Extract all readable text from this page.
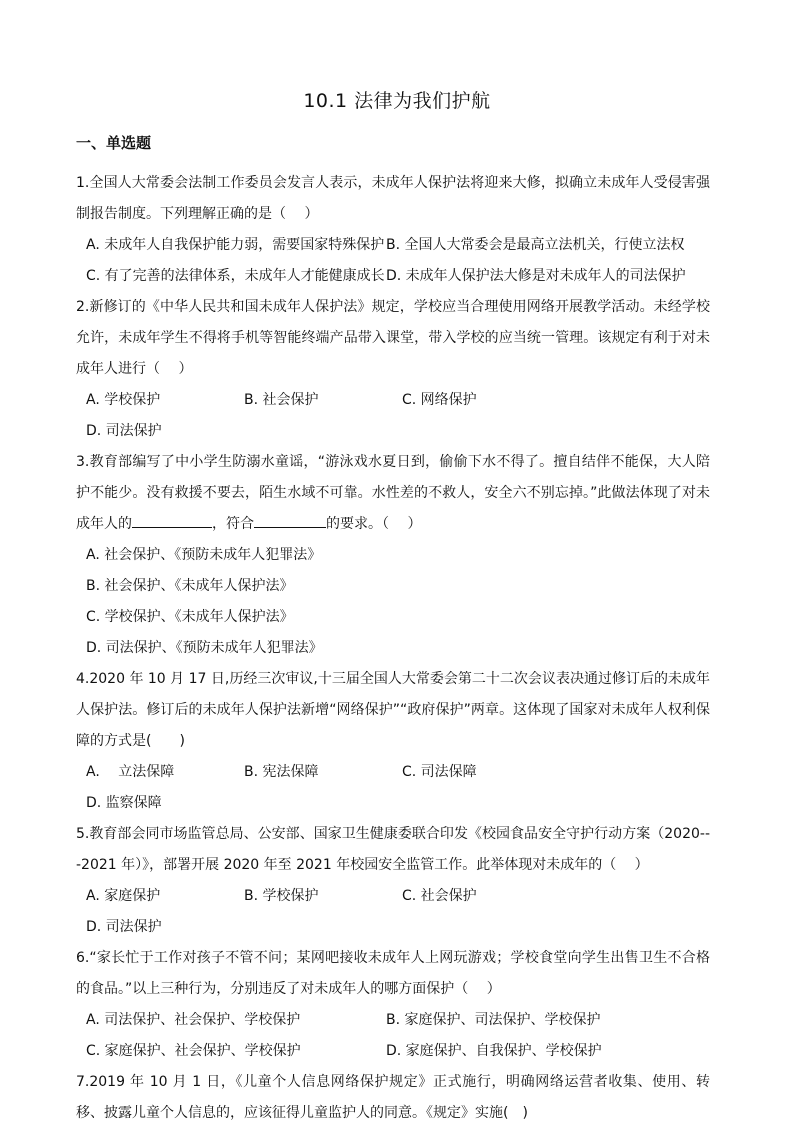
10.1 法律为我们护航
一、单选题
1.全国人大常委会法制工作委员会发言人表示，未成年人保护法将迎来大修，拟确立未成年人受侵害强制报告制度。下列理解正确的是（　 ）
A. 未成年人自我保护能力弱，需要国家特殊保护 B. 全国人大常委会是最高立法机关，行使立法权
C. 有了完善的法律体系，未成年人才能健康成长 D. 未成年人保护法大修是对未成年人的司法保护
2.新修订的《中华人民共和国未成年人保护法》规定，学校应当合理使用网络开展教学活动。未经学校允许，未成年学生不得将手机等智能终端产品带入课堂，带入学校的应当统一管理。该规定有利于对未成年人进行（　 ）
A. 学校保护	B. 社会保护	C. 网络保护
D. 司法保护
3.教育部编写了中小学生防溺水童谣，“游泳戏水夏日到，偷偷下水不得了。擅自结伴不能保，大人陪护不能少。没有救援不要去，陌生水域不可靠。水性差的不救人，安全六不别忘掉。”此做法体现了对未成年人的	，符合	的要求。（　 ）
A. 社会保护、《预防未成年人犯罪法》
B. 社会保护、《未成年人保护法》
C. 学校保护、《未成年人保护法》
D. 司法保护、《预防未成年人犯罪法》
4.2020 年 10 月 17 日,历经三次审议,十三届全国人大常委会第二十二次会议表决通过修订后的未成年人保护法。修订后的未成年人保护法新增“网络保护”“政府保护”两章。这体现了国家对未成年人权利保障的方式是(　　)
A.　 立法保障	B. 宪法保障	C. 司法保障
D. 监察保障
5.教育部会同市场监管总局、公安部、国家卫生健康委联合印发《校园食品安全守护行动方案（2020---2021 年）》，部署开展 2020 年至 2021 年校园安全监管工作。此举体现对未成年的（　 ）
A. 家庭保护	B. 学校保护	C. 社会保护
D. 司法保护
6.“家长忙于工作对孩子不管不问；某网吧接收未成年人上网玩游戏；学校食堂向学生出售卫生不合格的食品。”以上三种行为，分别违反了对未成年人的哪方面保护（　 ）
A. 司法保护、社会保护、学校保护	B. 家庭保护、司法保护、学校保护
C. 家庭保护、社会保护、学校保护	D. 家庭保护、自我保护、学校保护
7.2019 年 10 月 1 日，《儿童个人信息网络保护规定》正式施行，明确网络运营者收集、使用、转移、披露儿童个人信息的，应该征得儿童监护人的同意。《规定》实施(　)
